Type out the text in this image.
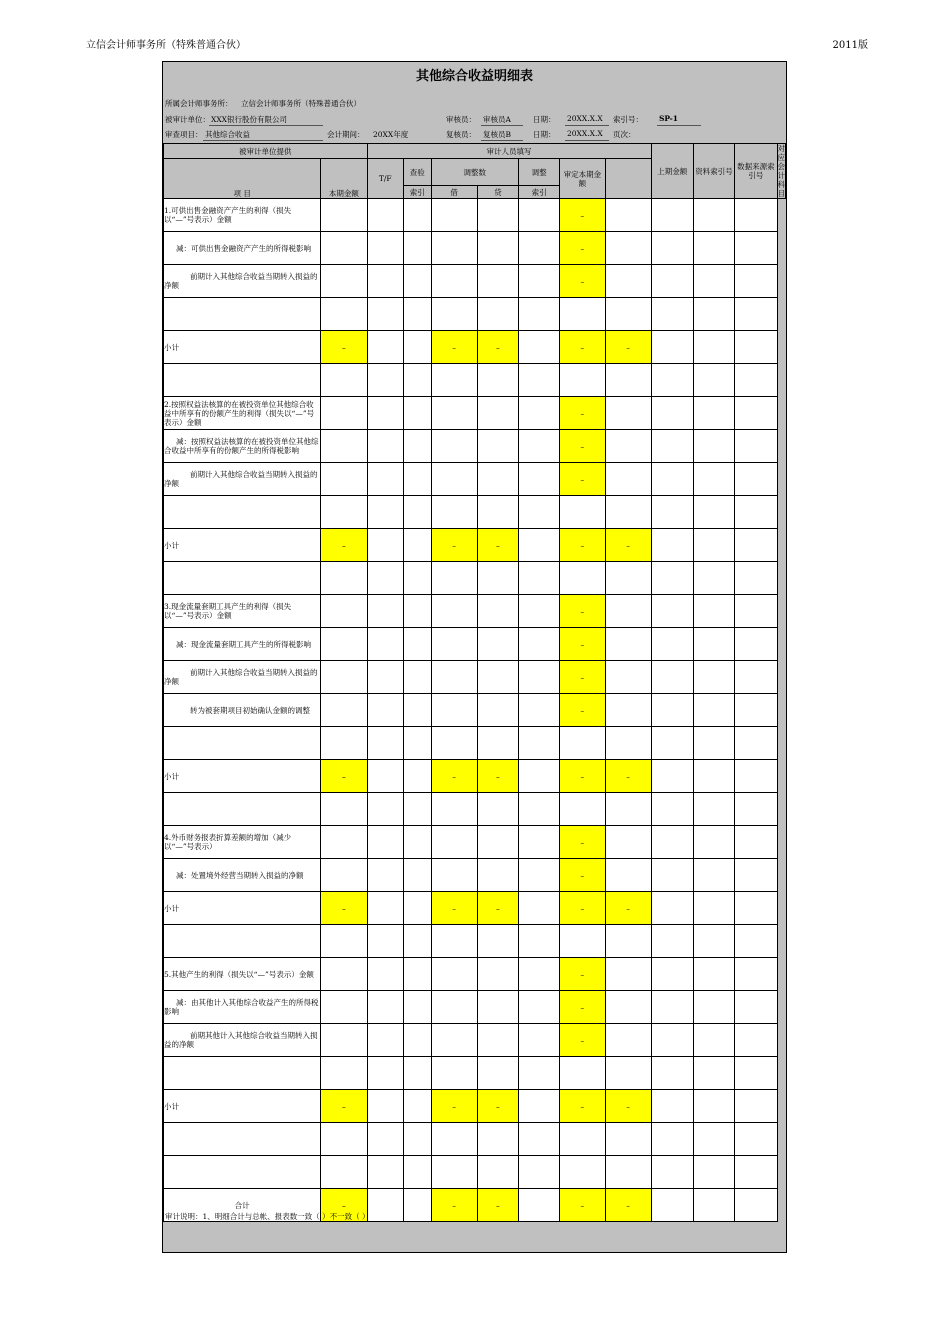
立信会计师事务所（特殊普通合伙）	2011版
其他综合收益明细表
所属会计师事务所： 立信会计师事务所（特殊普通合伙）
被审计单位： XXX银行股份有限公司	审核员： 审核员A	日期： 20XX.X.X 索引号： SP-1
审查项目： 其他综合收益	会计期间： 20XX年度	复核员： 复核员B	日期： 20XX.X.X 页次：
被审计单位提供		审计人员填写							上期金额	资料索引号	数据来源索引号	对应会计科目
项 目	本期金额	T/F	查验	调整数		调整	审定本期金额					
			索引	借	贷	索引						
1.可供出售金融资产产生的利得（损失以“—”号表示）金额							–					
减：可供出售金融资产产生的所得税影响							–					
前期计入其他综合收益当期转入损益的净额							–					

小计	–			–	–		–	–				

2.按照权益法核算的在被投资单位其他综合收益中所享有的份额产生的利得（损失以“—”号表示）金额							–					
减：按照权益法核算的在被投资单位其他综合收益中所享有的份额产生的所得税影响							–					
前期计入其他综合收益当期转入损益的净额							–					

小计	–			–	–		–	–				

3.现金流量套期工具产生的利得（损失以“—”号表示）金额							–					
减：现金流量套期工具产生的所得税影响							–					
前期计入其他综合收益当期转入损益的净额							–					
转为被套期项目初始确认金额的调整							–					

小计	–			–	–		–	–				

4.外币财务报表折算差额的增加（减少以“—”号表示）							–					
减：处置境外经营当期转入损益的净额							–					
小计	–			–	–		–	–				

5.其他产生的利得（损失以“—”号表示）金额							–					
减：由其他计入其他综合收益产生的所得税影响							–					
前期其他计入其他综合收益当期转入损益的净额							–					

小计	–			–	–		–	–				

合计	–			–	–		–	–				
审计说明：1、明细合计与总帐、报表数一致（ ）不一致（ ）
